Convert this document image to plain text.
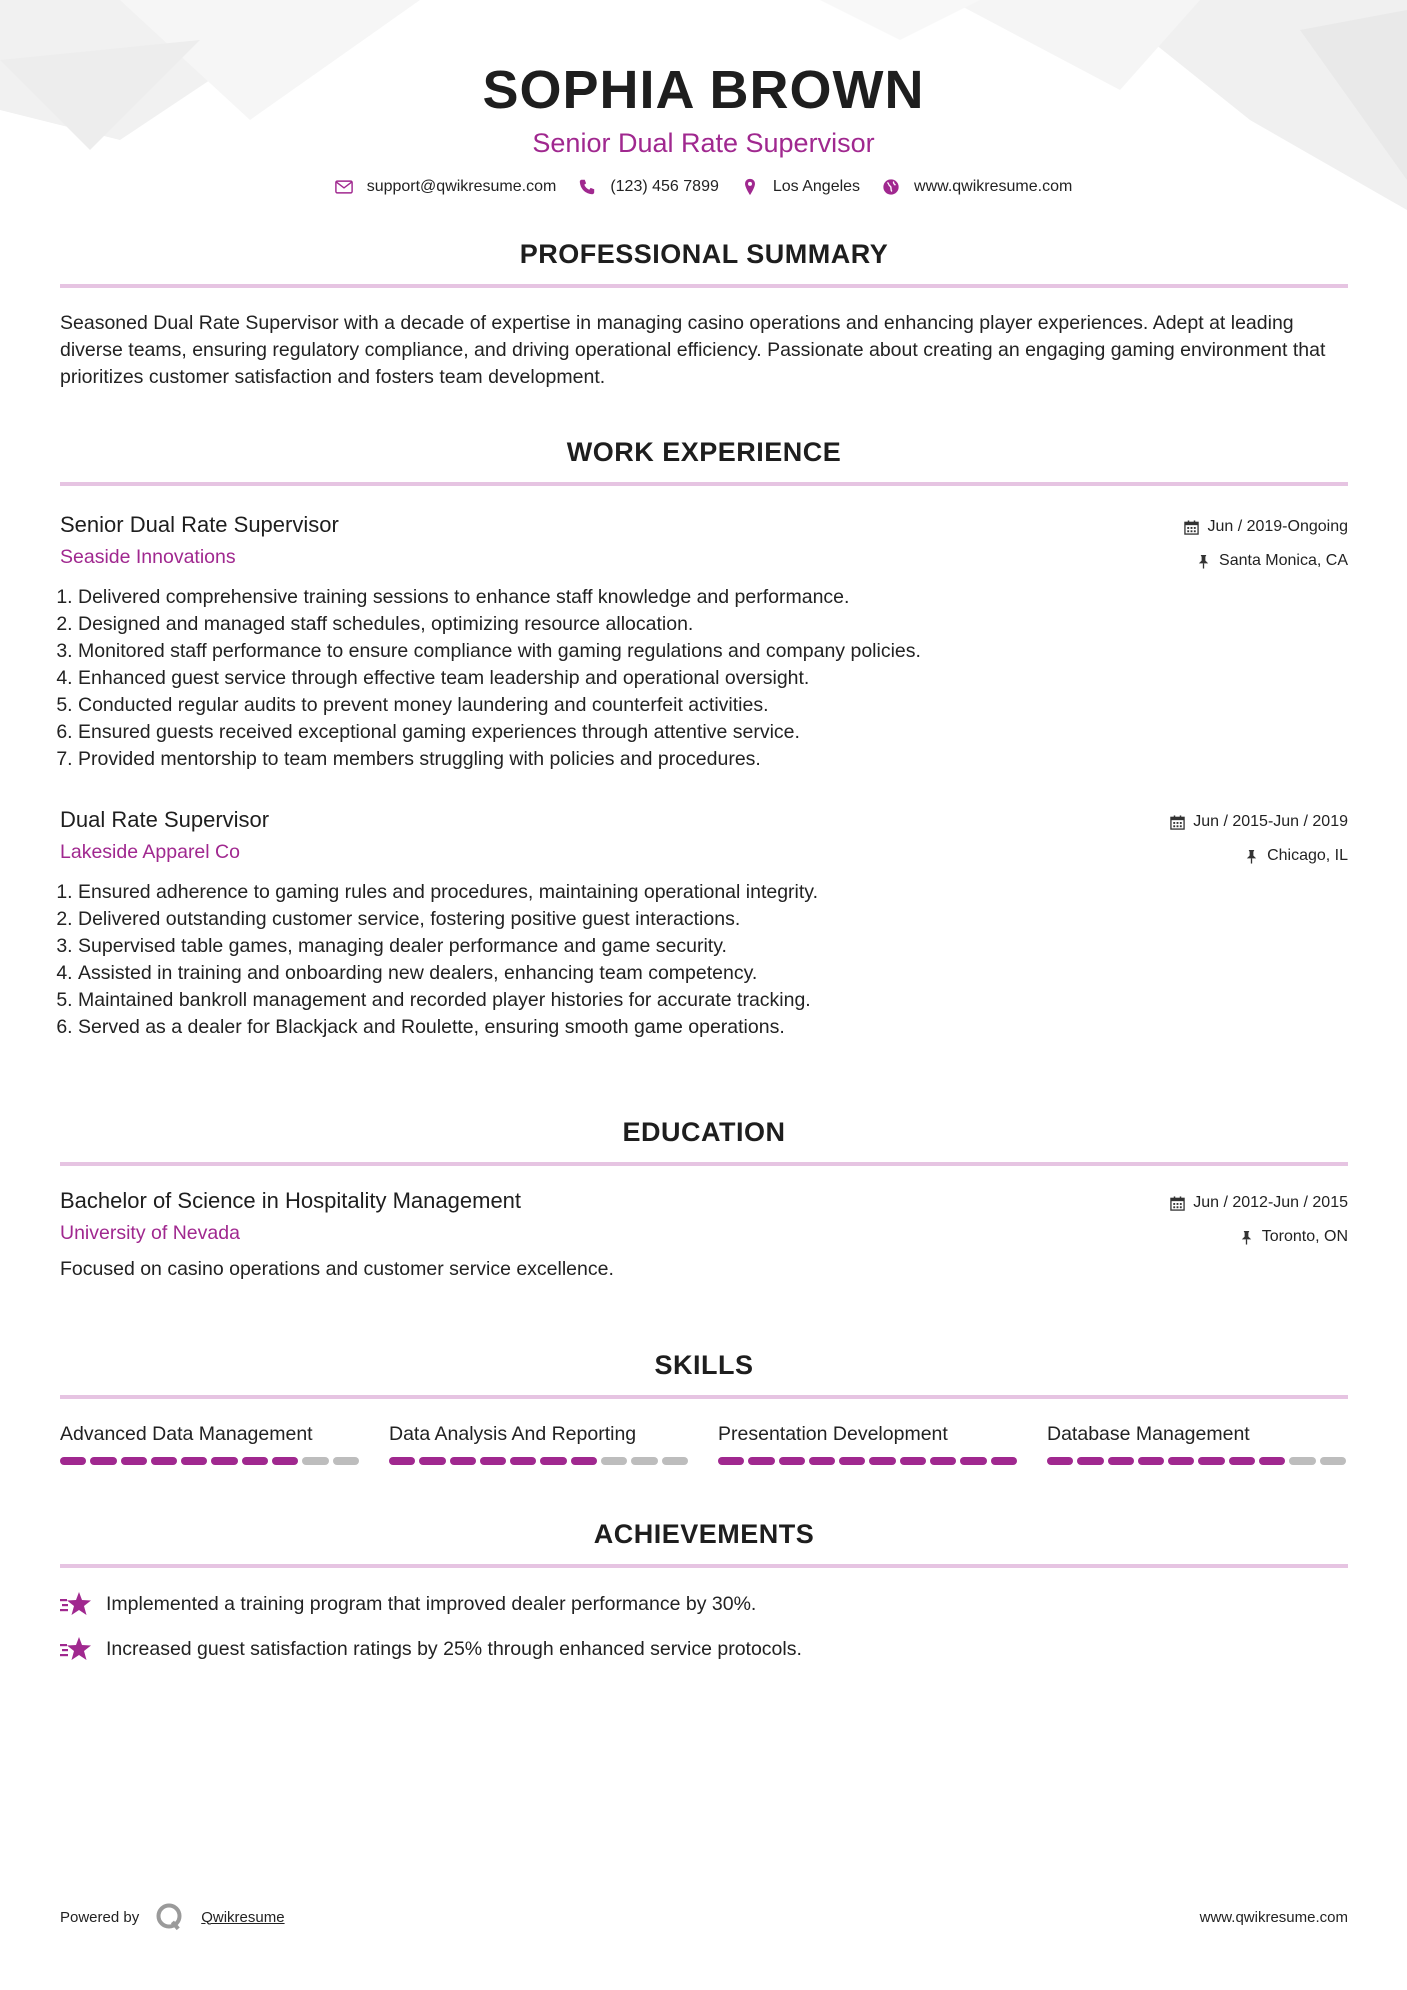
SOPHIA BROWN
Senior Dual Rate Supervisor
support@qwikresume.com	(123) 456 7899	Los Angeles	www.qwikresume.com
PROFESSIONAL SUMMARY
Seasoned Dual Rate Supervisor with a decade of expertise in managing casino operations and enhancing player experiences. Adept at leading diverse teams, ensuring regulatory compliance, and driving operational efficiency. Passionate about creating an engaging gaming environment that prioritizes customer satisfaction and fosters team development.
WORK EXPERIENCE
Senior Dual Rate Supervisor
Seaside Innovations
Jun / 2019-Ongoing
Santa Monica, CA
1. Delivered comprehensive training sessions to enhance staff knowledge and performance.
2. Designed and managed staff schedules, optimizing resource allocation.
3. Monitored staff performance to ensure compliance with gaming regulations and company policies.
4. Enhanced guest service through effective team leadership and operational oversight.
5. Conducted regular audits to prevent money laundering and counterfeit activities.
6. Ensured guests received exceptional gaming experiences through attentive service.
7. Provided mentorship to team members struggling with policies and procedures.
Dual Rate Supervisor
Lakeside Apparel Co
Jun / 2015-Jun / 2019
Chicago, IL
1. Ensured adherence to gaming rules and procedures, maintaining operational integrity.
2. Delivered outstanding customer service, fostering positive guest interactions.
3. Supervised table games, managing dealer performance and game security.
4. Assisted in training and onboarding new dealers, enhancing team competency.
5. Maintained bankroll management and recorded player histories for accurate tracking.
6. Served as a dealer for Blackjack and Roulette, ensuring smooth game operations.
EDUCATION
Bachelor of Science in Hospitality Management
University of Nevada
Jun / 2012-Jun / 2015
Toronto, ON
Focused on casino operations and customer service excellence.
SKILLS
Advanced Data Management	Data Analysis And Reporting	Presentation Development	Database Management
ACHIEVEMENTS
Implemented a training program that improved dealer performance by 30%.
Increased guest satisfaction ratings by 25% through enhanced service protocols.
Powered by	Qwikresume	www.qwikresume.com
